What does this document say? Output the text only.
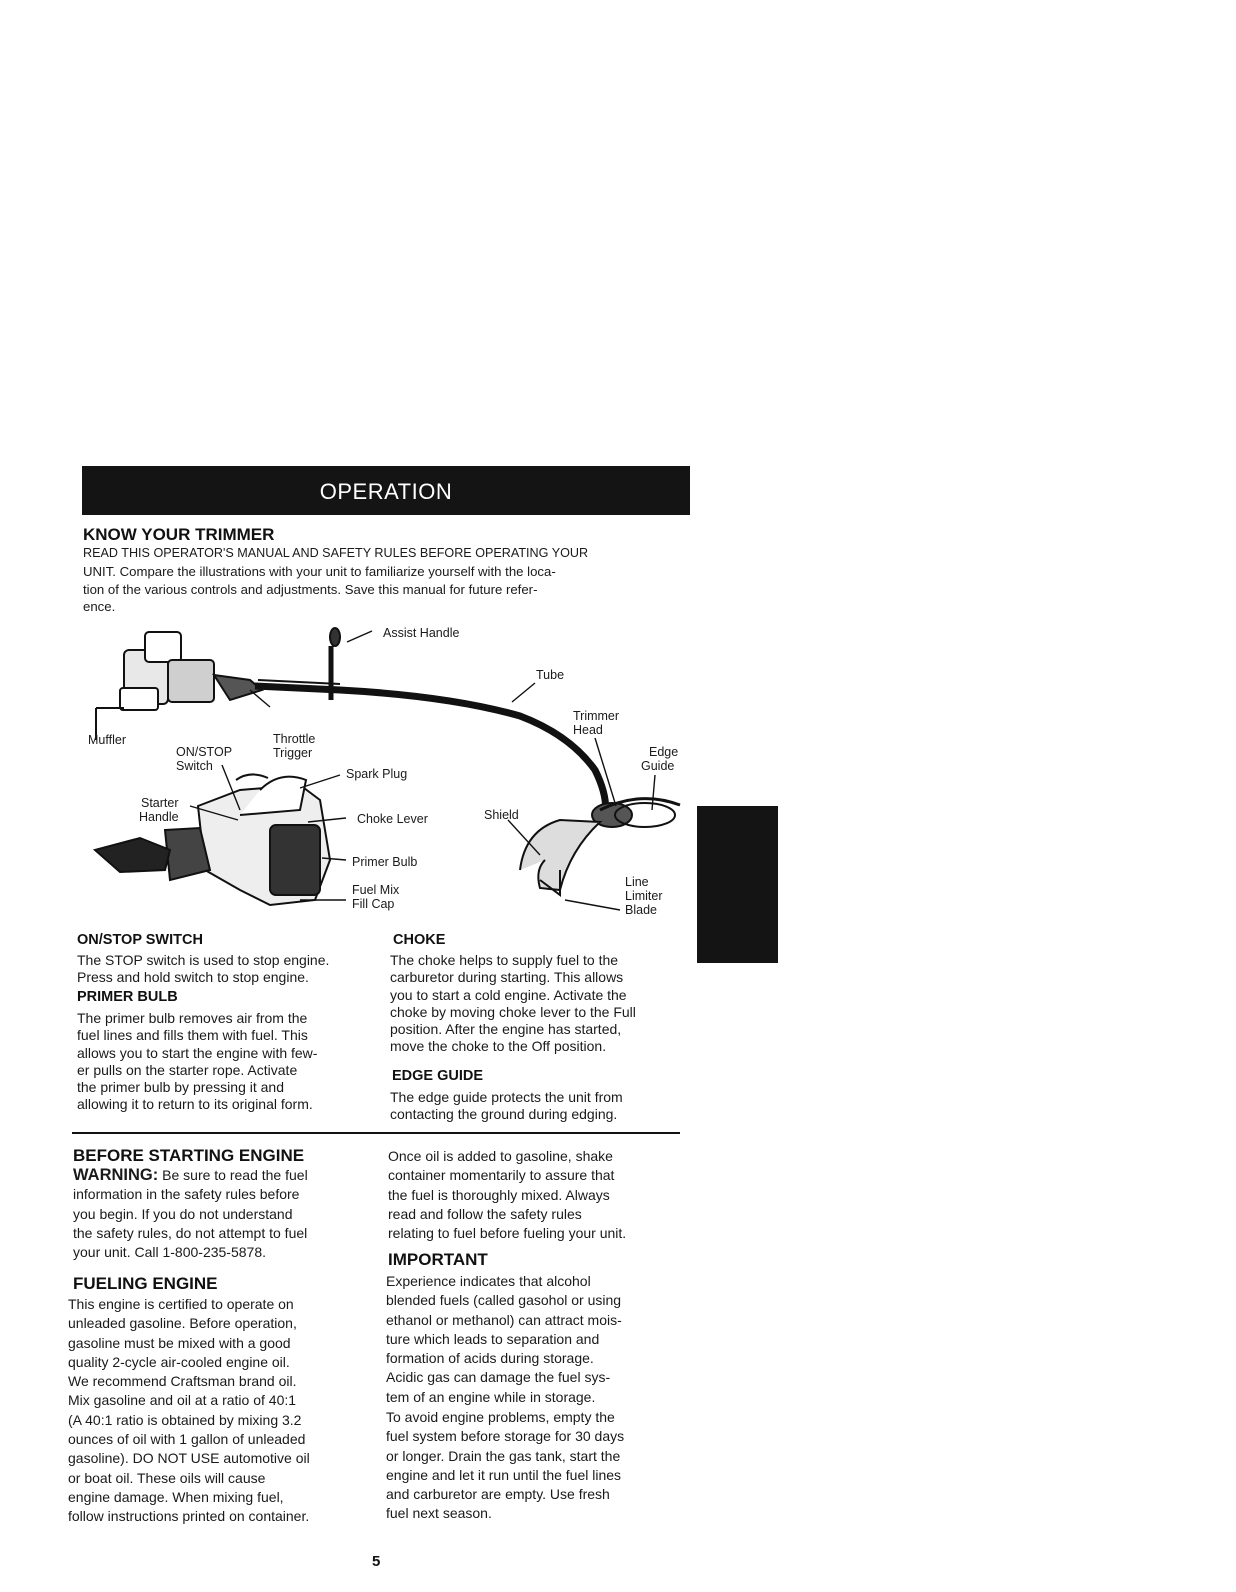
OPERATION
KNOW YOUR TRIMMER
READ THIS OPERATOR'S MANUAL AND SAFETY RULES BEFORE OPERATING YOUR
UNIT. Compare the illustrations with your unit to familiarize yourself with the loca-
tion of the various controls and adjustments. Save this manual for future refer-
ence.
Assist Handle
Tube
Trimmer
Head
Muffler	Throttle
Trigger
ON/STOP
Switch
Spark Plug
Edge
Guide
Starter
Handle	Choke Lever	Shield
Primer Bulb
Fuel Mix
Fill Cap
Line
Limiter
Blade
ON/STOP SWITCH
The STOP switch is used to stop engine.
Press and hold switch to stop engine.
PRIMER BULB
The primer bulb removes air from the
fuel lines and fills them with fuel. This
allows you to start the engine with few-
er pulls on the starter rope. Activate
the primer bulb by pressing it and
allowing it to return to its original form.
CHOKE
The choke helps to supply fuel to the
carburetor during starting. This allows
you to start a cold engine. Activate the
choke by moving choke lever to the Full
position. After the engine has started,
move the choke to the Off position.
EDGE GUIDE
The edge guide protects the unit from
contacting the ground during edging.
BEFORE STARTING ENGINE
WARNING: Be sure to read the fuel
information in the safety rules before
you begin. If you do not understand
the safety rules, do not attempt to fuel
your unit. Call 1-800-235-5878.
FUELING ENGINE
This engine is certified to operate on
unleaded gasoline. Before operation,
gasoline must be mixed with a good
quality 2-cycle air-cooled engine oil.
We recommend Craftsman brand oil.
Mix gasoline and oil at a ratio of 40:1
(A 40:1 ratio is obtained by mixing 3.2
ounces of oil with 1 gallon of unleaded
gasoline). DO NOT USE automotive oil
or boat oil. These oils will cause
engine damage. When mixing fuel,
follow instructions printed on container.
Once oil is added to gasoline, shake
container momentarily to assure that
the fuel is thoroughly mixed. Always
read and follow the safety rules
relating to fuel before fueling your unit.
IMPORTANT
Experience indicates that alcohol
blended fuels (called gasohol or using
ethanol or methanol) can attract mois-
ture which leads to separation and
formation of acids during storage.
Acidic gas can damage the fuel sys-
tem of an engine while in storage.
To avoid engine problems, empty the
fuel system before storage for 30 days
or longer. Drain the gas tank, start the
engine and let it run until the fuel lines
and carburetor are empty. Use fresh
fuel next season.
5
